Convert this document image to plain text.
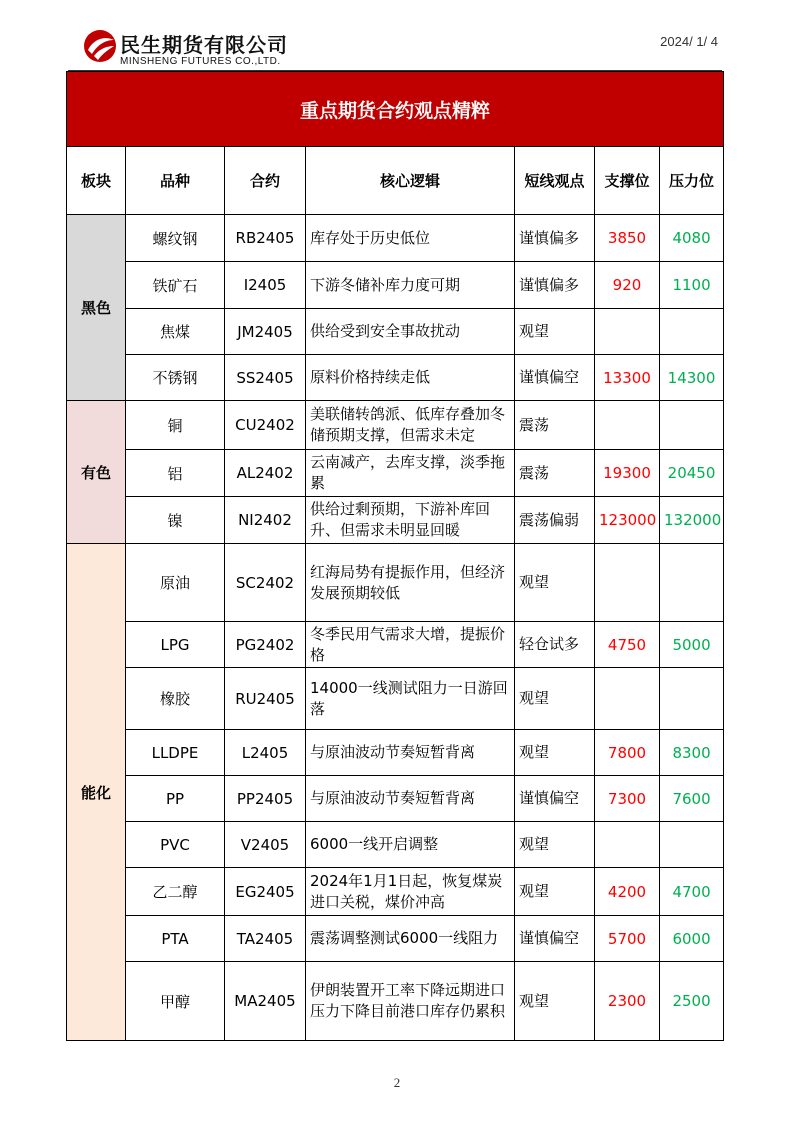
民生期货有限公司
MINSHENG FUTURES CO.,LTD.
2024/ 1/ 4
重点期货合约观点精粹						
板块	品种	合约	核心逻辑	短线观点	支撑位	压力位
黑色	螺纹钢	RB2405	库存处于历史低位	谨慎偏多	3850	4080
	铁矿石	I2405	下游冬储补库力度可期	谨慎偏多	920	1100
	焦煤	JM2405	供给受到安全事故扰动	观望		
	不锈钢	SS2405	原料价格持续走低	谨慎偏空	13300	14300
有色	铜	CU2402	美联储转鸽派、低库存叠加冬储预期支撑，但需求未定	震荡		
	铝	AL2402	云南减产，去库支撑，淡季拖累	震荡	19300	20450
	镍	NI2402	供给过剩预期，下游补库回升、但需求未明显回暖	震荡偏弱	123000	132000
能化	原油	SC2402	红海局势有提振作用，但经济发展预期较低	观望		
	LPG	PG2402	冬季民用气需求大增，提振价格	轻仓试多	4750	5000
	橡胶	RU2405	14000一线测试阻力一日游回落	观望		
	LLDPE	L2405	与原油波动节奏短暂背离	观望	7800	8300
	PP	PP2405	与原油波动节奏短暂背离	谨慎偏空	7300	7600
	PVC	V2405	6000一线开启调整	观望		
	乙二醇	EG2405	2024年1月1日起，恢复煤炭进口关税，煤价冲高	观望	4200	4700
	PTA	TA2405	震荡调整测试6000一线阻力	谨慎偏空	5700	6000
	甲醇	MA2405	伊朗装置开工率下降远期进口压力下降目前港口库存仍累积	观望	2300	2500
2
